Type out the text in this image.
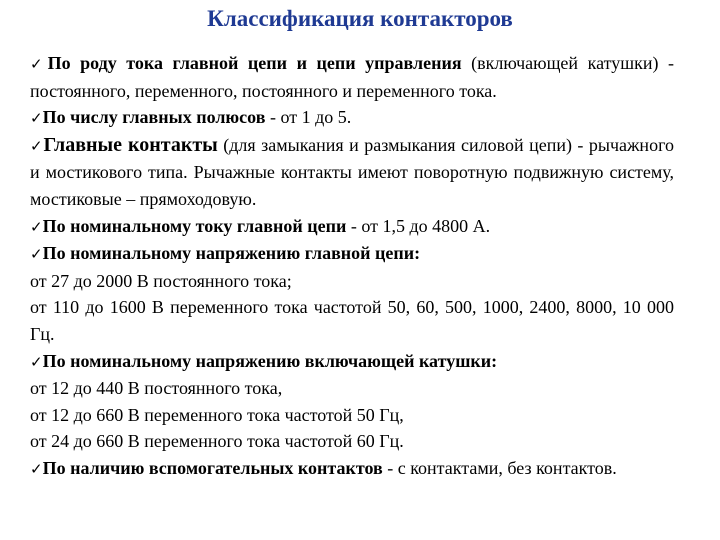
Классификация контакторов

✓По роду тока главной цепи и цепи управления (включающей катушки) - постоянного, переменного, постоянного и переменного тока.

✓По числу главных полюсов - от 1 до 5.

✓Главные контакты (для замыкания и размыкания силовой цепи) - рычажного и мостикового типа. Рычажные контакты имеют поворотную подвижную систему, мостиковые – прямоходовую.

✓По номинальному току главной цепи - от 1,5 до 4800 А.

✓По номинальному напряжению главной цепи:

от 27 до 2000 В постоянного тока;

от 110 до 1600 В переменного тока частотой 50, 60, 500, 1000, 2400, 8000, 10 000 Гц.

✓По номинальному напряжению включающей катушки:

от 12 до 440 В постоянного тока,

от 12 до 660 В переменного тока частотой 50 Гц,

от 24 до 660 В переменного тока частотой 60 Гц.

✓По наличию вспомогательных контактов - с контактами, без контактов.
